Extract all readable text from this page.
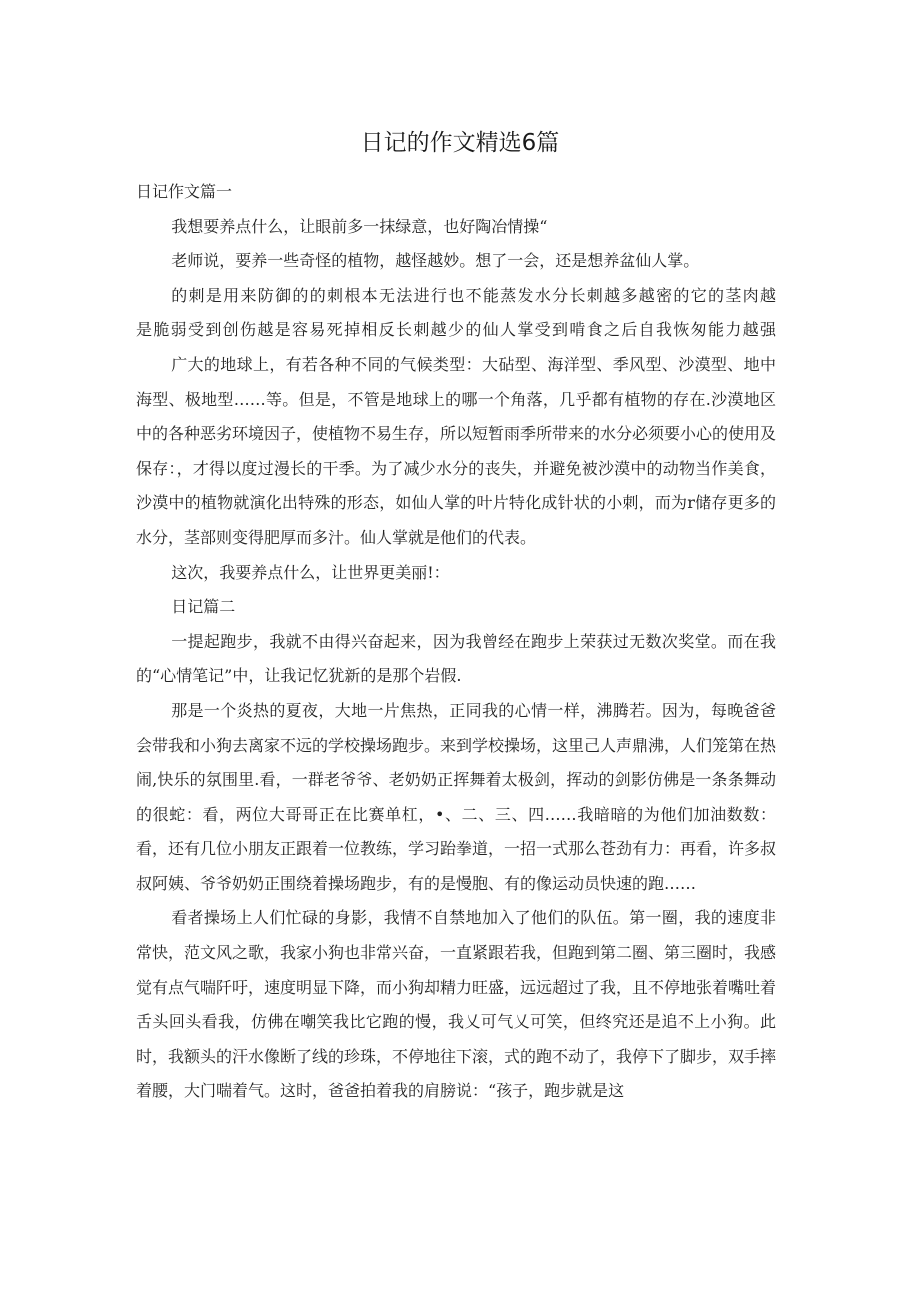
日记的作文精选6篇

日记作文篇一

我想要养点什么，让眼前多一抹绿意，也好陶冶情操“

老师说，要养一些奇怪的植物，越怪越妙。想了一会，还是想养盆仙人掌。

的刺是用来防御的的刺根本无法进行也不能蒸发水分长刺越多越密的它的茎肉越

是脆弱受到创伤越是容易死掉相反长刺越少的仙人掌受到啃食之后自我恢匆能力越强

广大的地球上，有若各种不同的气候类型：大砧型、海洋型、季风型、沙漠型、地中海型、极地型……等。但是，不管是地球上的哪一个角落，几乎都有植物的存在.沙漠地区中的各种恶劣环境因子，使植物不易生存，所以短暂雨季所带来的水分必须要小心的使用及保存：，才得以度过漫长的干季。为了减少水分的丧失，并避免被沙漠中的动物当作美食，沙漠中的植物就演化出特殊的形态，如仙人掌的叶片特化成针状的小刺，而为r储存更多的水分，茎部则变得肥厚而多汁。仙人掌就是他们的代表。

这次，我要养点什么，让世界更美丽!：

日记篇二

一提起跑步，我就不由得兴奋起来，因为我曾经在跑步上荣获过无数次奖堂。而在我的“心情笔记”中，让我记忆犹新的是那个岩假.

那是一个炎热的夏夜，大地一片焦热，正同我的心情一样，沸腾若。因为，每晚爸爸会带我和小狗去离家不远的学校操场跑步。来到学校操场，这里己人声鼎沸，人们笼第在热闹,快乐的氛围里.看，一群老爷爷、老奶奶正挥舞着太极剑，挥动的剑影仿佛是一条条舞动的很蛇：看，两位大哥哥正在比赛单杠，•、二、三、四……我暗暗的为他们加油数数：看，还有几位小朋友正跟着一位教练，学习跆拳道，一招一式那么苍劲有力：再看，许多叔叔阿姨、爷爷奶奶正围绕着操场跑步，有的是慢胞、有的像运动员快速的跑……

看者操场上人们忙碌的身影，我情不自禁地加入了他们的队伍。第一圈，我的速度非常快，范文风之歌，我家小狗也非常兴奋，一直紧跟若我，但跑到第二圈、第三圈时，我感觉有点气喘阡吁，速度明显下降，而小狗却精力旺盛，远远超过了我，且不停地张着嘴吐着舌头回头看我，仿佛在嘲笑我比它跑的慢，我乂可气乂可笑，但终究还是追不上小狗。此时，我额头的汗水像断了线的珍珠，不停地往下滚，式的跑不动了，我停下了脚步，双手摔着腰，大门喘着气。这时，爸爸拍着我的肩膀说：“孩子，跑步就是这
